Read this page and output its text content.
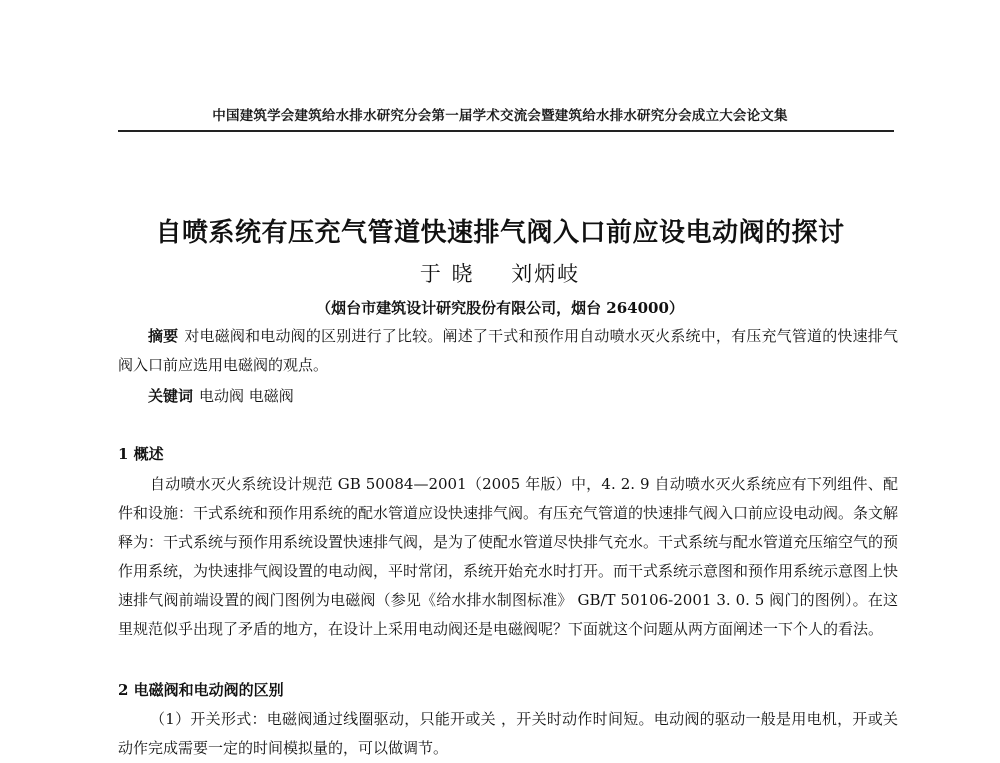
中国建筑学会建筑给水排水研究分会第一届学术交流会暨建筑给水排水研究分会成立大会论文集
自喷系统有压充气管道快速排气阀入口前应设电动阀的探讨
于 晓 刘炳岐
（烟台市建筑设计研究股份有限公司，烟台 264000）

摘要 对电磁阀和电动阀的区别进行了比较。阐述了干式和预作用自动喷水灭火系统中，有压充气管道的快速排气阀入口前应选用电磁阀的观点。

关键词 电动阀 电磁阀

1 概述

自动喷水灭火系统设计规范 GB 50084—2001（2005 年版）中，4. 2. 9 自动喷水灭火系统应有下列组件、配件和设施：干式系统和预作用系统的配水管道应设快速排气阀。有压充气管道的快速排气阀入口前应设电动阀。条文解释为：干式系统与预作用系统设置快速排气阀，是为了使配水管道尽快排气充水。干式系统与配水管道充压缩空气的预作用系统，为快速排气阀设置的电动阀，平时常闭，系统开始充水时打开。而干式系统示意图和预作用系统示意图上快速排气阀前端设置的阀门图例为电磁阀（参见《给水排水制图标准》 GB/T 50106-2001 3. 0. 5 阀门的图例）。在这里规范似乎出现了矛盾的地方，在设计上采用电动阀还是电磁阀呢？下面就这个问题从两方面阐述一下个人的看法。

2 电磁阀和电动阀的区别

（1）开关形式：电磁阀通过线圈驱动，只能开或关 ，开关时动作时间短。电动阀的驱动一般是用电机，开或关动作完成需要一定的时间模拟量的，可以做调节。
